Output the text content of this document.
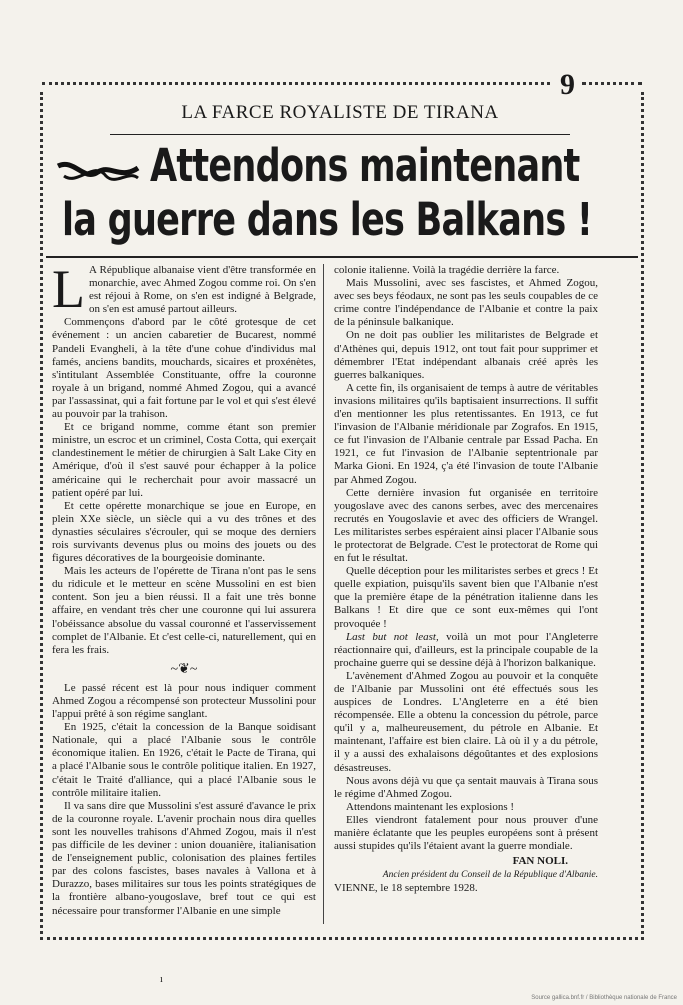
9
LA FARCE ROYALISTE DE TIRANA
Attendons maintenant
la guerre dans les Balkans !

L A République albanaise vient d'être transformée en monarchie, avec Ahmed Zogou comme roi. On s'en est réjoui à Rome, on s'en est indigné à Belgrade, on s'en est amusé partout ailleurs.

Commençons d'abord par le côté grotesque de cet événement : un ancien cabaretier de Bucarest, nommé Pandeli Evangheli, à la tête d'une cohue d'individus mal famés, anciens bandits, mouchards, sicaires et proxénètes, s'intitulant Assemblée Constituante, offre la couronne royale à un brigand, nommé Ahmed Zogou, qui a avancé par l'assassinat, qui a fait fortune par le vol et qui s'est élevé au pouvoir par la trahison.

Et ce brigand nomme, comme étant son premier ministre, un escroc et un criminel, Costa Cotta, qui exerçait clandestinement le métier de chirurgien à Salt Lake City en Amérique, d'où il s'est sauvé pour échapper à la police américaine qui le recherchait pour avoir massacré un patient opéré par lui.

Et cette opérette monarchique se joue en Europe, en plein XXe siècle, un siècle qui a vu des trônes et des dynasties séculaires s'écrouler, qui se moque des derniers rois survivants devenus plus ou moins des jouets ou des figures décoratives de la bourgeoisie dominante.

Mais les acteurs de l'opérette de Tirana n'ont pas le sens du ridicule et le metteur en scène Mussolini en est bien content. Son jeu a bien réussi. Il a fait une très bonne affaire, en vendant très cher une couronne qui lui assurera l'obéissance absolue du vassal couronné et l'asservissement complet de l'Albanie. Et c'est celle-ci, naturellement, qui en fera les frais.

~❦~

Le passé récent est là pour nous indiquer comment Ahmed Zogou a récompensé son protecteur Mussolini pour l'appui prêté à son régime sanglant.

En 1925, c'était la concession de la Banque soidisant Nationale, qui a placé l'Albanie sous le contrôle économique italien. En 1926, c'était le Pacte de Tirana, qui a placé l'Albanie sous le contrôle politique italien. En 1927, c'était le Traité d'alliance, qui a placé l'Albanie sous le contrôle militaire italien.

Il va sans dire que Mussolini s'est assuré d'avance le prix de la couronne royale. L'avenir prochain nous dira quelles sont les nouvelles trahisons d'Ahmed Zogou, mais il n'est pas difficile de les deviner : union douanière, italianisation de l'enseignement public, colonisation des plaines fertiles par des colons fascistes, bases navales à Vallona et à Durazzo, bases militaires sur tous les points stratégiques de la frontière albano-yougoslave, bref tout ce qui est nécessaire pour transformer l'Albanie en une simple

colonie italienne. Voilà la tragédie derrière la farce.

Mais Mussolini, avec ses fascistes, et Ahmed Zogou, avec ses beys féodaux, ne sont pas les seuls coupables de ce crime contre l'indépendance de l'Albanie et contre la paix de la péninsule balkanique.

On ne doit pas oublier les militaristes de Belgrade et d'Athènes qui, depuis 1912, ont tout fait pour supprimer et démembrer l'Etat indépendant albanais créé après les guerres balkaniques.

A cette fin, ils organisaient de temps à autre de véritables invasions militaires qu'ils baptisaient insurrections. Il suffit d'en mentionner les plus retentissantes. En 1913, ce fut l'invasion de l'Albanie méridionale par Zografos. En 1915, ce fut l'invasion de l'Albanie centrale par Essad Pacha. En 1921, ce fut l'invasion de l'Albanie septentrionale par Marka Gioni. En 1924, ç'a été l'invasion de toute l'Albanie par Ahmed Zogou.

Cette dernière invasion fut organisée en territoire yougoslave avec des canons serbes, avec des mercenaires recrutés en Yougoslavie et avec des officiers de Wrangel. Les militaristes serbes espéraient ainsi placer l'Albanie sous le protectorat de Belgrade. C'est le protectorat de Rome qui en fut le résultat.

Quelle déception pour les militaristes serbes et grecs ! Et quelle expiation, puisqu'ils savent bien que l'Albanie n'est que la première étape de la pénétration italienne dans les Balkans ! Et dire que ce sont eux-mêmes qui l'ont provoquée !

Last but not least, voilà un mot pour l'Angleterre réactionnaire qui, d'ailleurs, est la principale coupable de la prochaine guerre qui se dessine déjà à l'horizon balkanique.

L'avènement d'Ahmed Zogou au pouvoir et la conquête de l'Albanie par Mussolini ont été effectués sous les auspices de Londres. L'Angleterre en a été bien récompensée. Elle a obtenu la concession du pétrole, parce qu'il y a, malheureusement, du pétrole en Albanie. Et maintenant, l'affaire est bien claire. Là où il y a du pétrole, il y a aussi des exhalaisons dégoûtantes et des explosions désastreuses.

Nous avons déjà vu que ça sentait mauvais à Tirana sous le régime d'Ahmed Zogou.

Attendons maintenant les explosions !

Elles viendront fatalement pour nous prouver d'une manière éclatante que les peuples européens sont à présent aussi stupides qu'ils l'étaient avant la guerre mondiale.

FAN NOLI.
Ancien président du Conseil de la République d'Albanie.

VIENNE, le 18 septembre 1928.

ı
Source gallica.bnf.fr / Bibliothèque nationale de France
